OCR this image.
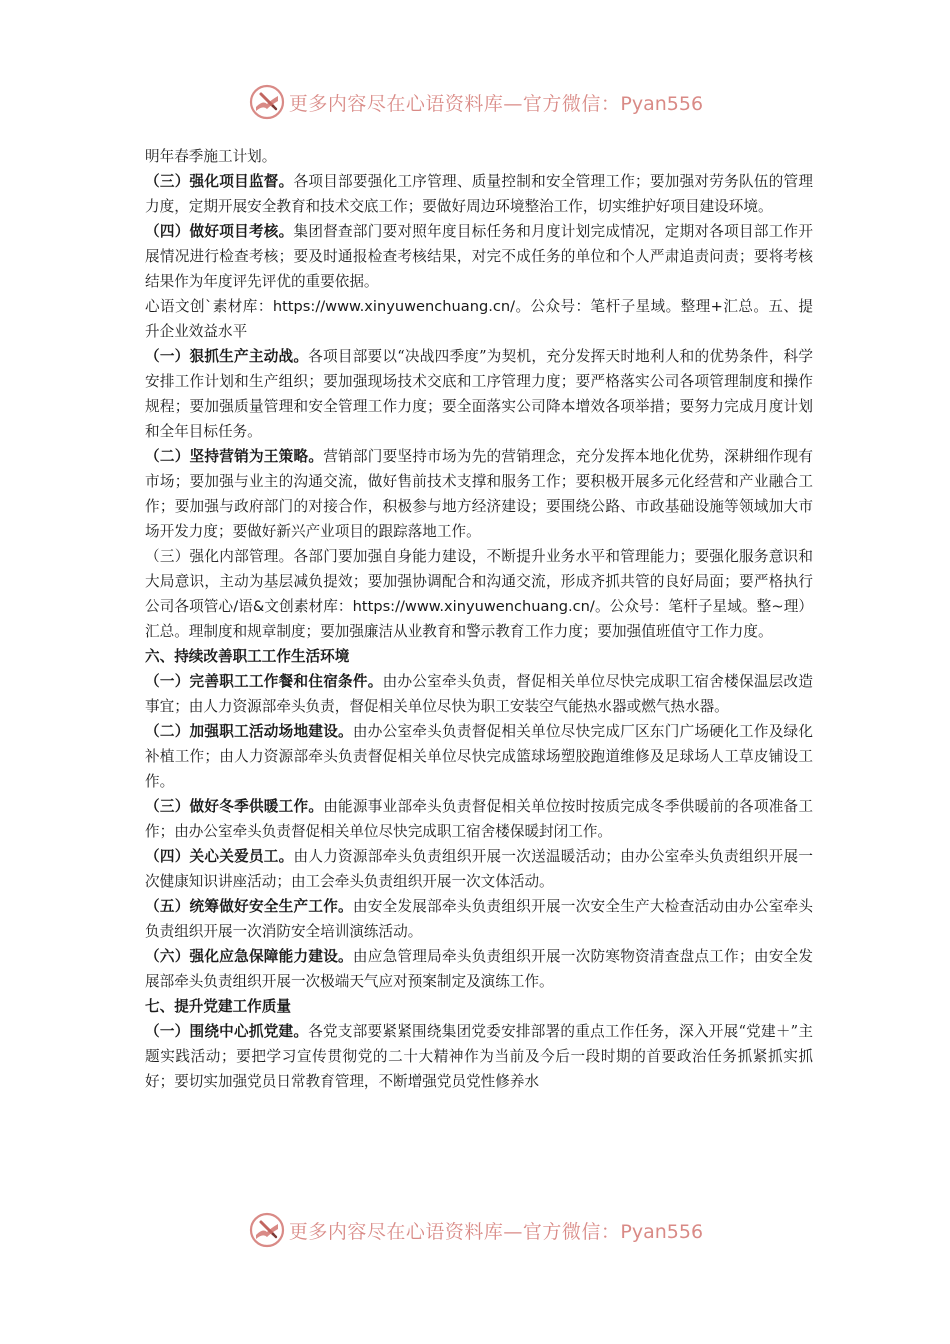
更多内容尽在心语资料库—官方微信：Pyan556

明年春季施工计划。

（三）强化项目监督。各项目部要强化工序管理、质量控制和安全管理工作；要加强对劳务队伍的管理力度，定期开展安全教育和技术交底工作；要做好周边环境整治工作，切实维护好项目建设环境。

（四）做好项目考核。集团督查部门要对照年度目标任务和月度计划完成情况，定期对各项目部工作开展情况进行检查考核；要及时通报检查考核结果，对完不成任务的单位和个人严肃追责问责；要将考核结果作为年度评先评优的重要依据。

心语文创`素材库：https://www.xinyuwenchuang.cn/。公众号：笔杆子星域。整理+汇总。五、提升企业效益水平

（一）狠抓生产主动战。各项目部要以“决战四季度”为契机，充分发挥天时地利人和的优势条件，科学安排工作计划和生产组织；要加强现场技术交底和工序管理力度；要严格落实公司各项管理制度和操作规程；要加强质量管理和安全管理工作力度；要全面落实公司降本增效各项举措；要努力完成月度计划和全年目标任务。

（二）坚持营销为王策略。营销部门要坚持市场为先的营销理念，充分发挥本地化优势，深耕细作现有市场；要加强与业主的沟通交流，做好售前技术支撑和服务工作；要积极开展多元化经营和产业融合工作；要加强与政府部门的对接合作，积极参与地方经济建设；要围绕公路、市政基础设施等领域加大市场开发力度；要做好新兴产业项目的跟踪落地工作。

（三）强化内部管理。各部门要加强自身能力建设，不断提升业务水平和管理能力；要强化服务意识和大局意识，主动为基层减负提效；要加强协调配合和沟通交流，形成齐抓共管的良好局面；要严格执行公司各项管心/语&文创素材库：https://www.xinyuwenchuang.cn/。公众号：笔杆子星域。整~理）汇总。理制度和规章制度；要加强廉洁从业教育和警示教育工作力度；要加强值班值守工作力度。

六、持续改善职工工作生活环境

（一）完善职工工作餐和住宿条件。由办公室牵头负责，督促相关单位尽快完成职工宿舍楼保温层改造事宜；由人力资源部牵头负责，督促相关单位尽快为职工安装空气能热水器或燃气热水器。

（二）加强职工活动场地建设。由办公室牵头负责督促相关单位尽快完成厂区东门广场硬化工作及绿化补植工作；由人力资源部牵头负责督促相关单位尽快完成篮球场塑胶跑道维修及足球场人工草皮铺设工作。

（三）做好冬季供暖工作。由能源事业部牵头负责督促相关单位按时按质完成冬季供暖前的各项准备工作；由办公室牵头负责督促相关单位尽快完成职工宿舍楼保暖封闭工作。

（四）关心关爱员工。由人力资源部牵头负责组织开展一次送温暖活动；由办公室牵头负责组织开展一次健康知识讲座活动；由工会牵头负责组织开展一次文体活动。

（五）统筹做好安全生产工作。由安全发展部牵头负责组织开展一次安全生产大检查活动由办公室牵头负责组织开展一次消防安全培训演练活动。

（六）强化应急保障能力建设。由应急管理局牵头负责组织开展一次防寒物资清查盘点工作；由安全发展部牵头负责组织开展一次极端天气应对预案制定及演练工作。

七、提升党建工作质量

（一）围绕中心抓党建。各党支部要紧紧围绕集团党委安排部署的重点工作任务，深入开展“党建＋”主题实践活动；要把学习宣传贯彻党的二十大精神作为当前及今后一段时期的首要政治任务抓紧抓实抓好；要切实加强党员日常教育管理，不断增强党员党性修养水

更多内容尽在心语资料库—官方微信：Pyan556
